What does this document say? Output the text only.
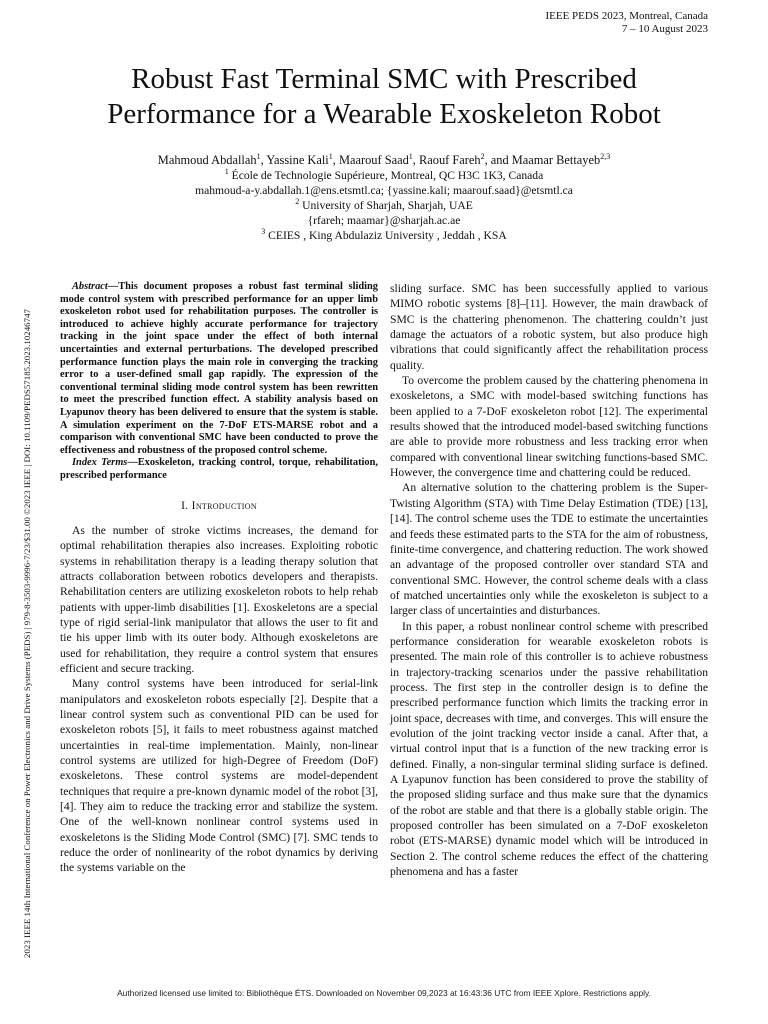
IEEE PEDS 2023, Montreal, Canada
7 – 10 August 2023
2023 IEEE 14th International Conference on Power Electronics and Drive Systems (PEDS) | 979-8-3503-9996-7/23/$31.00 ©2023 IEEE | DOI: 10.1109/PEDS57185.2023.10246747
Robust Fast Terminal SMC with Prescribed
Performance for a Wearable Exoskeleton Robot
Mahmoud Abdallah$^1$, Yassine Kali$^1$, Maarouf Saad$^1$, Raouf Fareh$^2$, and Maamar Bettayeb$^{2,3}$
$^1$ École de Technologie Supérieure, Montreal, QC H3C 1K3, Canada
mahmoud-a-y.abdallah.1@ens.etsmtl.ca; {yassine.kali; maarouf.saad}@etsmtl.ca
$^2$ University of Sharjah, Sharjah, UAE
{rfareh; maamar}@sharjah.ac.ae
$^3$ CEIES , King Abdulaziz University , Jeddah , KSA

Abstract—This document proposes a robust fast terminal sliding mode control system with prescribed performance for an upper limb exoskeleton robot used for rehabilitation purposes. The controller is introduced to achieve highly accurate performance for trajectory tracking in the joint space under the effect of both internal uncertainties and external perturbations. The developed prescribed performance function plays the main role in converging the tracking error to a user-defined small gap rapidly. The expression of the conventional terminal sliding mode control system has been rewritten to meet the prescribed function effect. A stability analysis based on Lyapunov theory has been delivered to ensure that the system is stable. A simulation experiment on the 7-DoF ETS-MARSE robot and a comparison with conventional SMC have been conducted to prove the effectiveness and robustness of the proposed control scheme.

Index Terms—Exoskeleton, tracking control, torque, rehabilitation, prescribed performance

I. Introduction

As the number of stroke victims increases, the demand for optimal rehabilitation therapies also increases. Exploiting robotic systems in rehabilitation therapy is a leading therapy solution that attracts collaboration between robotics developers and therapists. Rehabilitation centers are utilizing exoskeleton robots to help rehab patients with upper-limb disabilities [1]. Exoskeletons are a special type of rigid serial-link manipulator that allows the user to fit and tie his upper limb with its outer body. Although exoskeletons are used for rehabilitation, they require a control system that ensures efficient and secure tracking.

Many control systems have been introduced for serial-link manipulators and exoskeleton robots especially [2]. Despite that a linear control system such as conventional PID can be used for exoskeleton robots [5], it fails to meet robustness against matched uncertainties in real-time implementation. Mainly, non-linear control systems are utilized for high-Degree of Freedom (DoF) exoskeletons. These control systems are model-dependent techniques that require a pre-known dynamic model of the robot [3], [4]. They aim to reduce the tracking error and stabilize the system. One of the well-known nonlinear control systems used in exoskeletons is the Sliding Mode Control (SMC) [7]. SMC tends to reduce the order of nonlinearity of the robot dynamics by deriving the systems variable on the

sliding surface. SMC has been successfully applied to various MIMO robotic systems [8]–[11]. However, the main drawback of SMC is the chattering phenomenon. The chattering couldn’t just damage the actuators of a robotic system, but also produce high vibrations that could significantly affect the rehabilitation process quality.

To overcome the problem caused by the chattering phenomena in exoskeletons, a SMC with model-based switching functions has been applied to a 7-DoF exoskeleton robot [12]. The experimental results showed that the introduced model-based switching functions are able to provide more robustness and less tracking error when compared with conventional linear switching functions-based SMC. However, the convergence time and chattering could be reduced.

An alternative solution to the chattering problem is the Super-Twisting Algorithm (STA) with Time Delay Estimation (TDE) [13], [14]. The control scheme uses the TDE to estimate the uncertainties and feeds these estimated parts to the STA for the aim of robustness, finite-time convergence, and chattering reduction. The work showed an advantage of the proposed controller over standard STA and conventional SMC. However, the control scheme deals with a class of matched uncertainties only while the exoskeleton is subject to a larger class of uncertainties and disturbances.

In this paper, a robust nonlinear control scheme with prescribed performance consideration for wearable exoskeleton robots is presented. The main role of this controller is to achieve robustness in trajectory-tracking scenarios under the passive rehabilitation process. The first step in the controller design is to define the prescribed performance function which limits the tracking error in joint space, decreases with time, and converges. This will ensure the evolution of the joint tracking vector inside a canal. After that, a virtual control input that is a function of the new tracking error is defined. Finally, a non-singular terminal sliding surface is defined. A Lyapunov function has been considered to prove the stability of the proposed sliding surface and thus make sure that the dynamics of the robot are stable and that there is a globally stable origin. The proposed controller has been simulated on a 7-DoF exoskeleton robot (ETS-MARSE) dynamic model which will be introduced in Section 2. The control scheme reduces the effect of the chattering phenomena and has a faster

Authorized licensed use limited to: Bibliothèque ÉTS. Downloaded on November 09,2023 at 16:43:36 UTC from IEEE Xplore. Restrictions apply.
